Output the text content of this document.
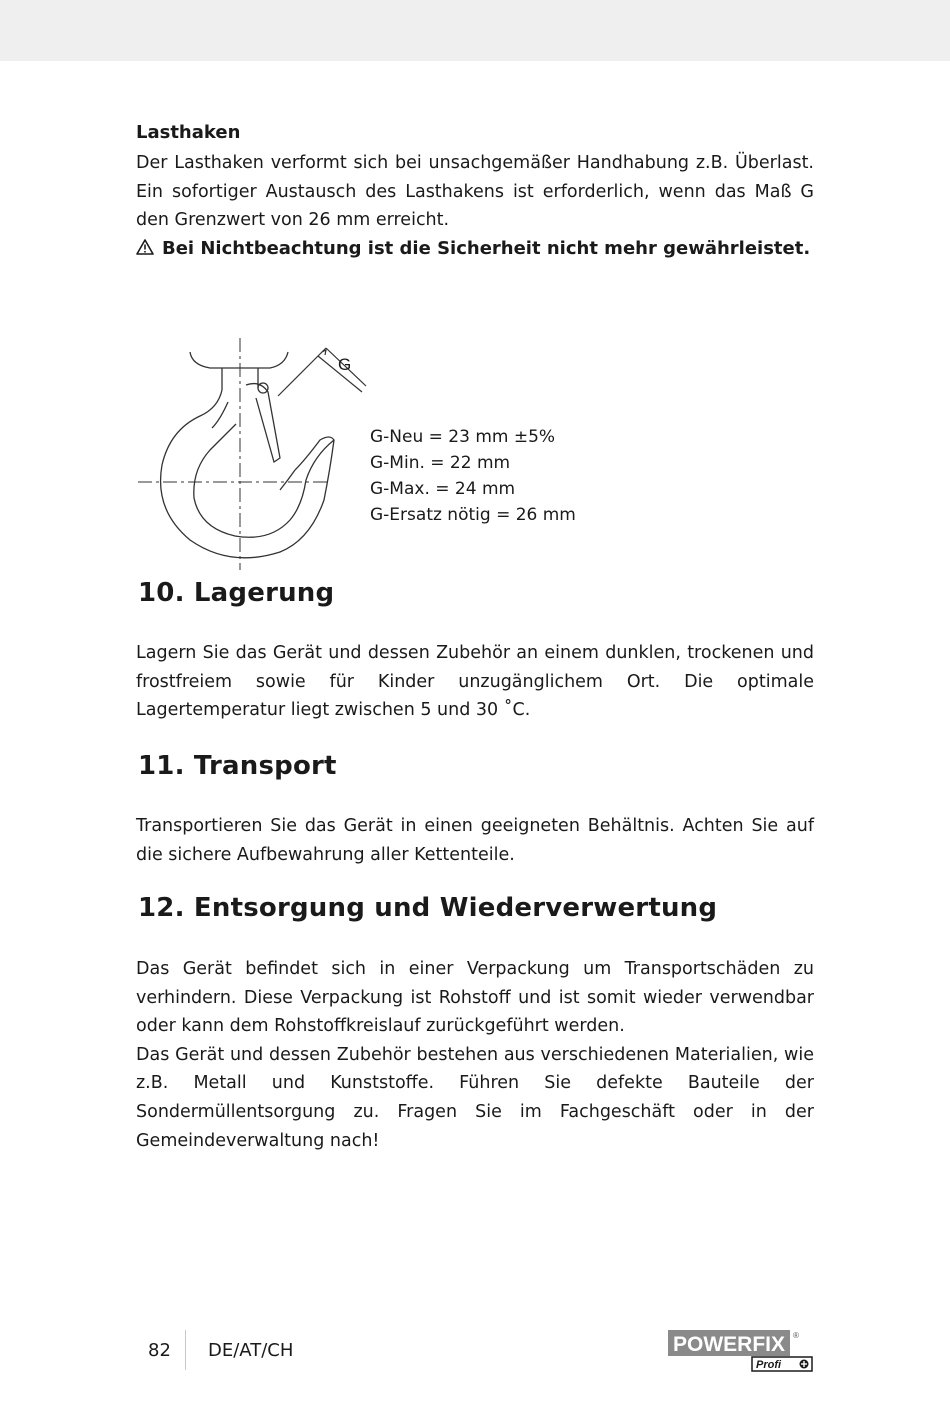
Lasthaken

Der Lasthaken verformt sich bei unsachgemäßer Handhabung z.B. Überlast. Ein sofortiger Austausch des Lasthakens ist erforderlich, wenn das Maß G den Grenzwert von 26 mm erreicht.

Bei Nichtbeachtung ist die Sicherheit nicht mehr gewährleistet.
G
G-Neu = 23 mm ±5%
G-Min. = 22 mm
G-Max. = 24 mm
G-Ersatz nötig = 26 mm
10. Lagerung

Lagern Sie das Gerät und dessen Zubehör an einem dunklen, trockenen und frostfreiem sowie für Kinder unzugänglichem Ort. Die optimale Lagertemperatur liegt zwischen 5 und 30 ˚C.

11. Transport

Transportieren Sie das Gerät in einen geeigneten Behältnis. Achten Sie auf die sichere Aufbewahrung aller Kettenteile.

12. Entsorgung und Wiederverwertung

Das Gerät befindet sich in einer Verpackung um Transportschäden zu verhindern. Diese Verpackung ist Rohstoff und ist somit wieder verwendbar oder kann dem Rohstoffkreislauf zurückgeführt werden.

Das Gerät und dessen Zubehör bestehen aus verschiedenen Materialien, wie z.B. Metall und Kunststoffe. Führen Sie defekte Bauteile der Sondermüllentsorgung zu. Fragen Sie im Fachgeschäft oder in der Gemeindeverwaltung nach!

82 DE/AT/CH	POWERFIX ®
Profi
